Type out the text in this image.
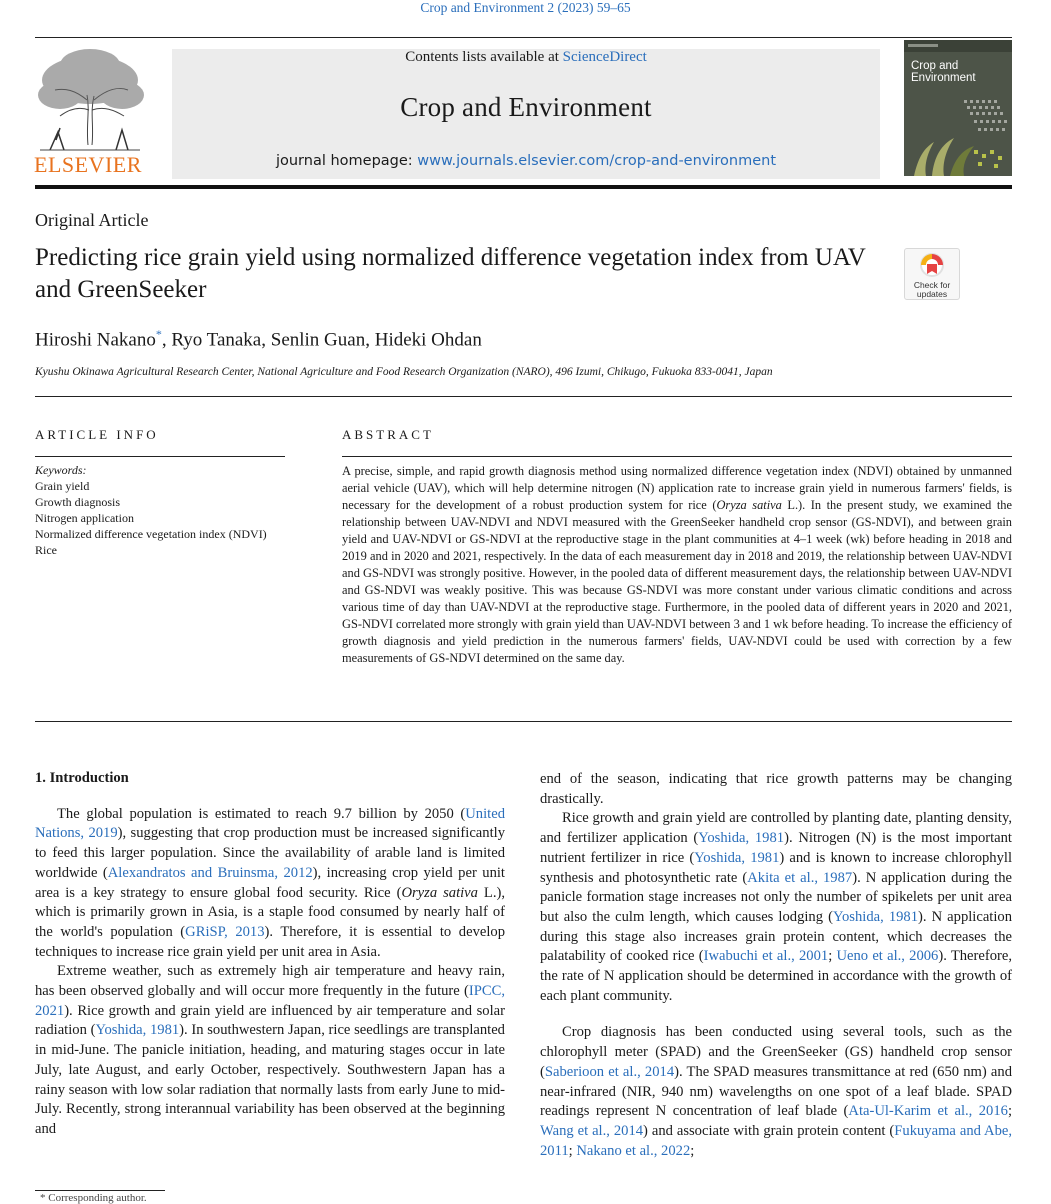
Crop and Environment 2 (2023) 59–65
ELSEVIER
Contents lists available at ScienceDirect
Crop and Environment
journal homepage: www.journals.elsevier.com/crop-and-environment
Crop and
Environment
Original Article
Predicting rice grain yield using normalized difference vegetation index from UAV and GreenSeeker	Check for
updates
Hiroshi Nakano*, Ryo Tanaka, Senlin Guan, Hideki Ohdan
Kyushu Okinawa Agricultural Research Center, National Agriculture and Food Research Organization (NARO), 496 Izumi, Chikugo, Fukuoka 833-0041, Japan
ARTICLE INFO	ABSTRACT
Keywords:
Grain yield
Growth diagnosis
Nitrogen application
Normalized difference vegetation index (NDVI)
Rice
A precise, simple, and rapid growth diagnosis method using normalized difference vegetation index (NDVI) obtained by unmanned aerial vehicle (UAV), which will help determine nitrogen (N) application rate to increase grain yield in numerous farmers' fields, is necessary for the development of a robust production system for rice (Oryza sativa L.). In the present study, we examined the relationship between UAV-NDVI and NDVI measured with the GreenSeeker handheld crop sensor (GS-NDVI), and between grain yield and UAV-NDVI or GS-NDVI at the reproductive stage in the plant communities at 4–1 week (wk) before heading in 2018 and 2019 and in 2020 and 2021, respectively. In the data of each measurement day in 2018 and 2019, the relationship between UAV-NDVI and GS-NDVI was strongly positive. However, in the pooled data of different measurement days, the relationship between UAV-NDVI and GS-NDVI was weakly positive. This was because GS-NDVI was more constant under various climatic conditions and across various time of day than UAV-NDVI at the reproductive stage. Furthermore, in the pooled data of different years in 2020 and 2021, GS-NDVI correlated more strongly with grain yield than UAV-NDVI between 3 and 1 wk before heading. To increase the efficiency of growth diagnosis and yield prediction in the numerous farmers' fields, UAV-NDVI could be used with correction by a few measurements of GS-NDVI determined on the same day.

1. Introduction

The global population is estimated to reach 9.7 billion by 2050 (United Nations, 2019), suggesting that crop production must be increased significantly to feed this larger population. Since the availability of arable land is limited worldwide (Alexandratos and Bruinsma, 2012), increasing crop yield per unit area is a key strategy to ensure global food security. Rice (Oryza sativa L.), which is primarily grown in Asia, is a staple food consumed by nearly half of the world's population (GRiSP, 2013). Therefore, it is essential to develop techniques to increase rice grain yield per unit area in Asia.

Extreme weather, such as extremely high air temperature and heavy rain, has been observed globally and will occur more frequently in the future (IPCC, 2021). Rice growth and grain yield are influenced by air temperature and solar radiation (Yoshida, 1981). In southwestern Japan, rice seedlings are transplanted in mid-June. The panicle initiation, heading, and maturing stages occur in late July, late August, and early October, respectively. Southwestern Japan has a rainy season with low solar radiation that normally lasts from early June to mid-July. Recently, strong interannual variability has been observed at the beginning and

end of the season, indicating that rice growth patterns may be changing drastically.

Rice growth and grain yield are controlled by planting date, planting density, and fertilizer application (Yoshida, 1981). Nitrogen (N) is the most important nutrient fertilizer in rice (Yoshida, 1981) and is known to increase chlorophyll synthesis and photosynthetic rate (Akita et al., 1987). N application during the panicle formation stage increases not only the number of spikelets per unit area but also the culm length, which causes lodging (Yoshida, 1981). N application during this stage also increases grain protein content, which decreases the palatability of cooked rice (Iwabuchi et al., 2001; Ueno et al., 2006). Therefore, the rate of N application should be determined in accordance with the growth of each plant community.

Crop diagnosis has been conducted using several tools, such as the chlorophyll meter (SPAD) and the GreenSeeker (GS) handheld crop sensor (Saberioon et al., 2014). The SPAD measures transmittance at red (650 nm) and near-infrared (NIR, 940 nm) wavelengths on one spot of a leaf blade. SPAD readings represent N concentration of leaf blade (Ata-Ul-Karim et al., 2016; Wang et al., 2014) and associate with grain protein content (Fukuyama and Abe, 2011; Nakano et al., 2022;

* Corresponding author.
